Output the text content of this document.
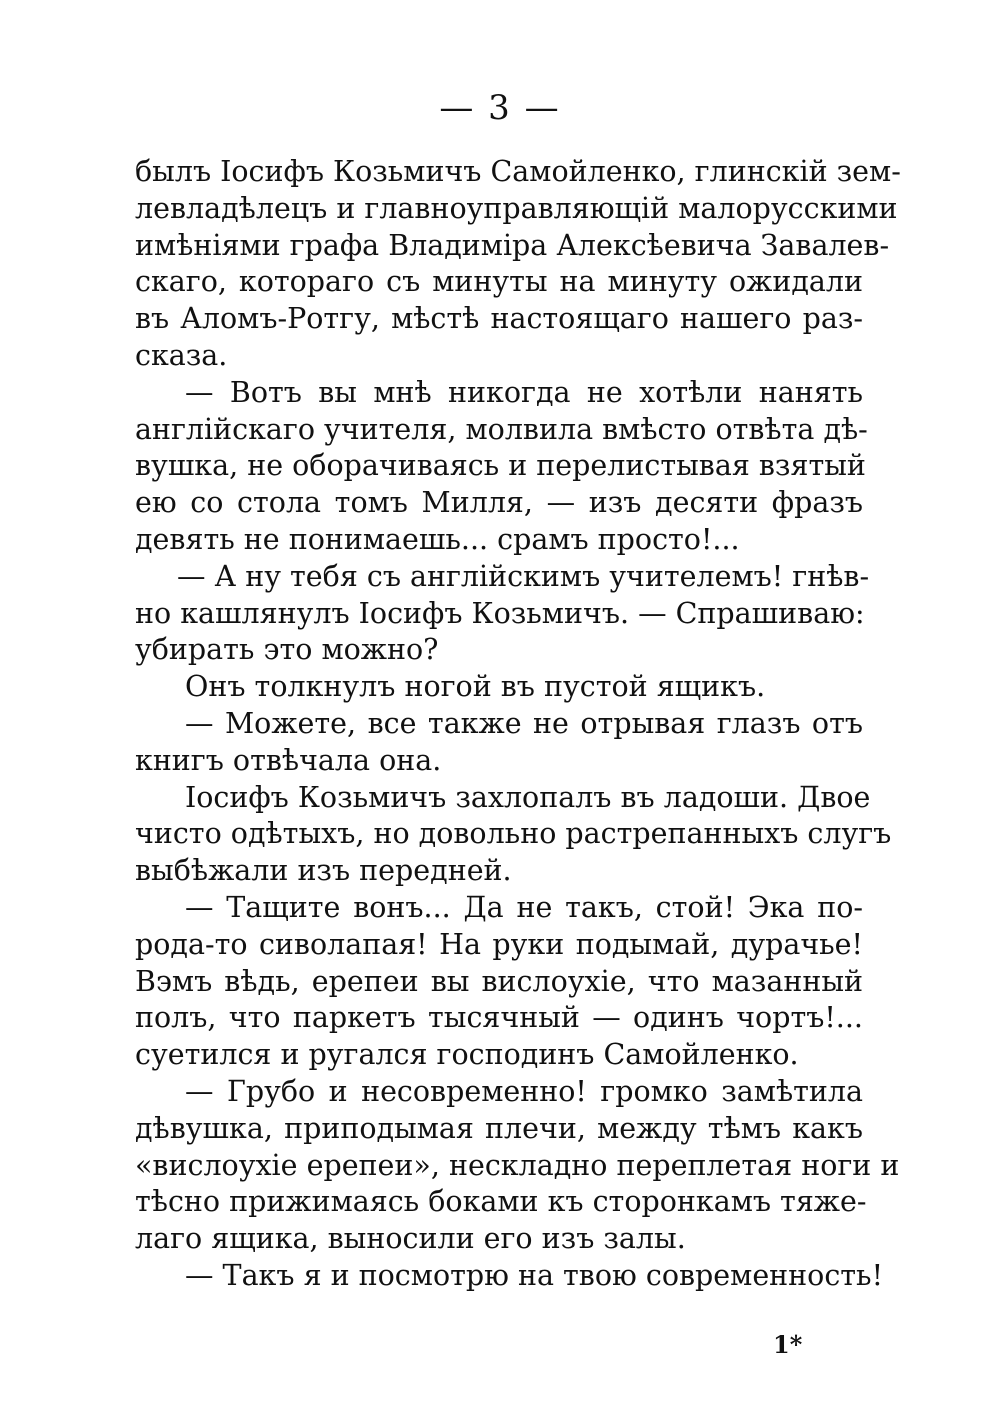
— 3 —
былъ Іосифъ Козьмичъ Самойленко, глинскій зем-
левладѣлецъ и главноуправляющій малорусскими
имѣніями графа Владиміра Алексѣевича Завалев-
скаго, котораго съ минуты на минуту ожидали
въ Аломъ-Ротгу, мѣстѣ настоящаго нашего раз-
сказа.
— Вотъ вы мнѣ никогда не хотѣли нанять
англійскаго учителя, молвила вмѣсто отвѣта дѣ-
вушка, не оборачиваясь и перелистывая взятый
ею со стола томъ Милля, — изъ десяти фразъ
девять не понимаешь... срамъ просто!...
— А ну тебя съ англійскимъ учителемъ! гнѣв-
но кашлянулъ Іосифъ Козьмичъ. — Спрашиваю:
убирать это можно?
Онъ толкнулъ ногой въ пустой ящикъ.
— Можете, все также не отрывая глазъ отъ
книгъ отвѣчала она.
Іосифъ Козьмичъ захлопалъ въ ладоши. Двое
чисто одѣтыхъ, но довольно растрепанныхъ слугъ
выбѣжали изъ передней.
— Тащите вонъ... Да не такъ, стой! Эка по-
рода-то сиволапая! На руки подымай, дурачье!
Вэмъ вѣдь, ерепеи вы вислоухіе, что мазанный
полъ, что паркетъ тысячный — одинъ чортъ!...
суетился и ругался господинъ Самойленко.
— Грубо и несовременно! громко замѣтила
дѣвушка, приподымая плечи, между тѣмъ какъ
«вислоухіе ерепеи», нескладно переплетая ноги и
тѣсно прижимаясь боками къ сторонкамъ тяже-
лаго ящика, выносили его изъ залы.
— Такъ я и посмотрю на твою современность!
1*
